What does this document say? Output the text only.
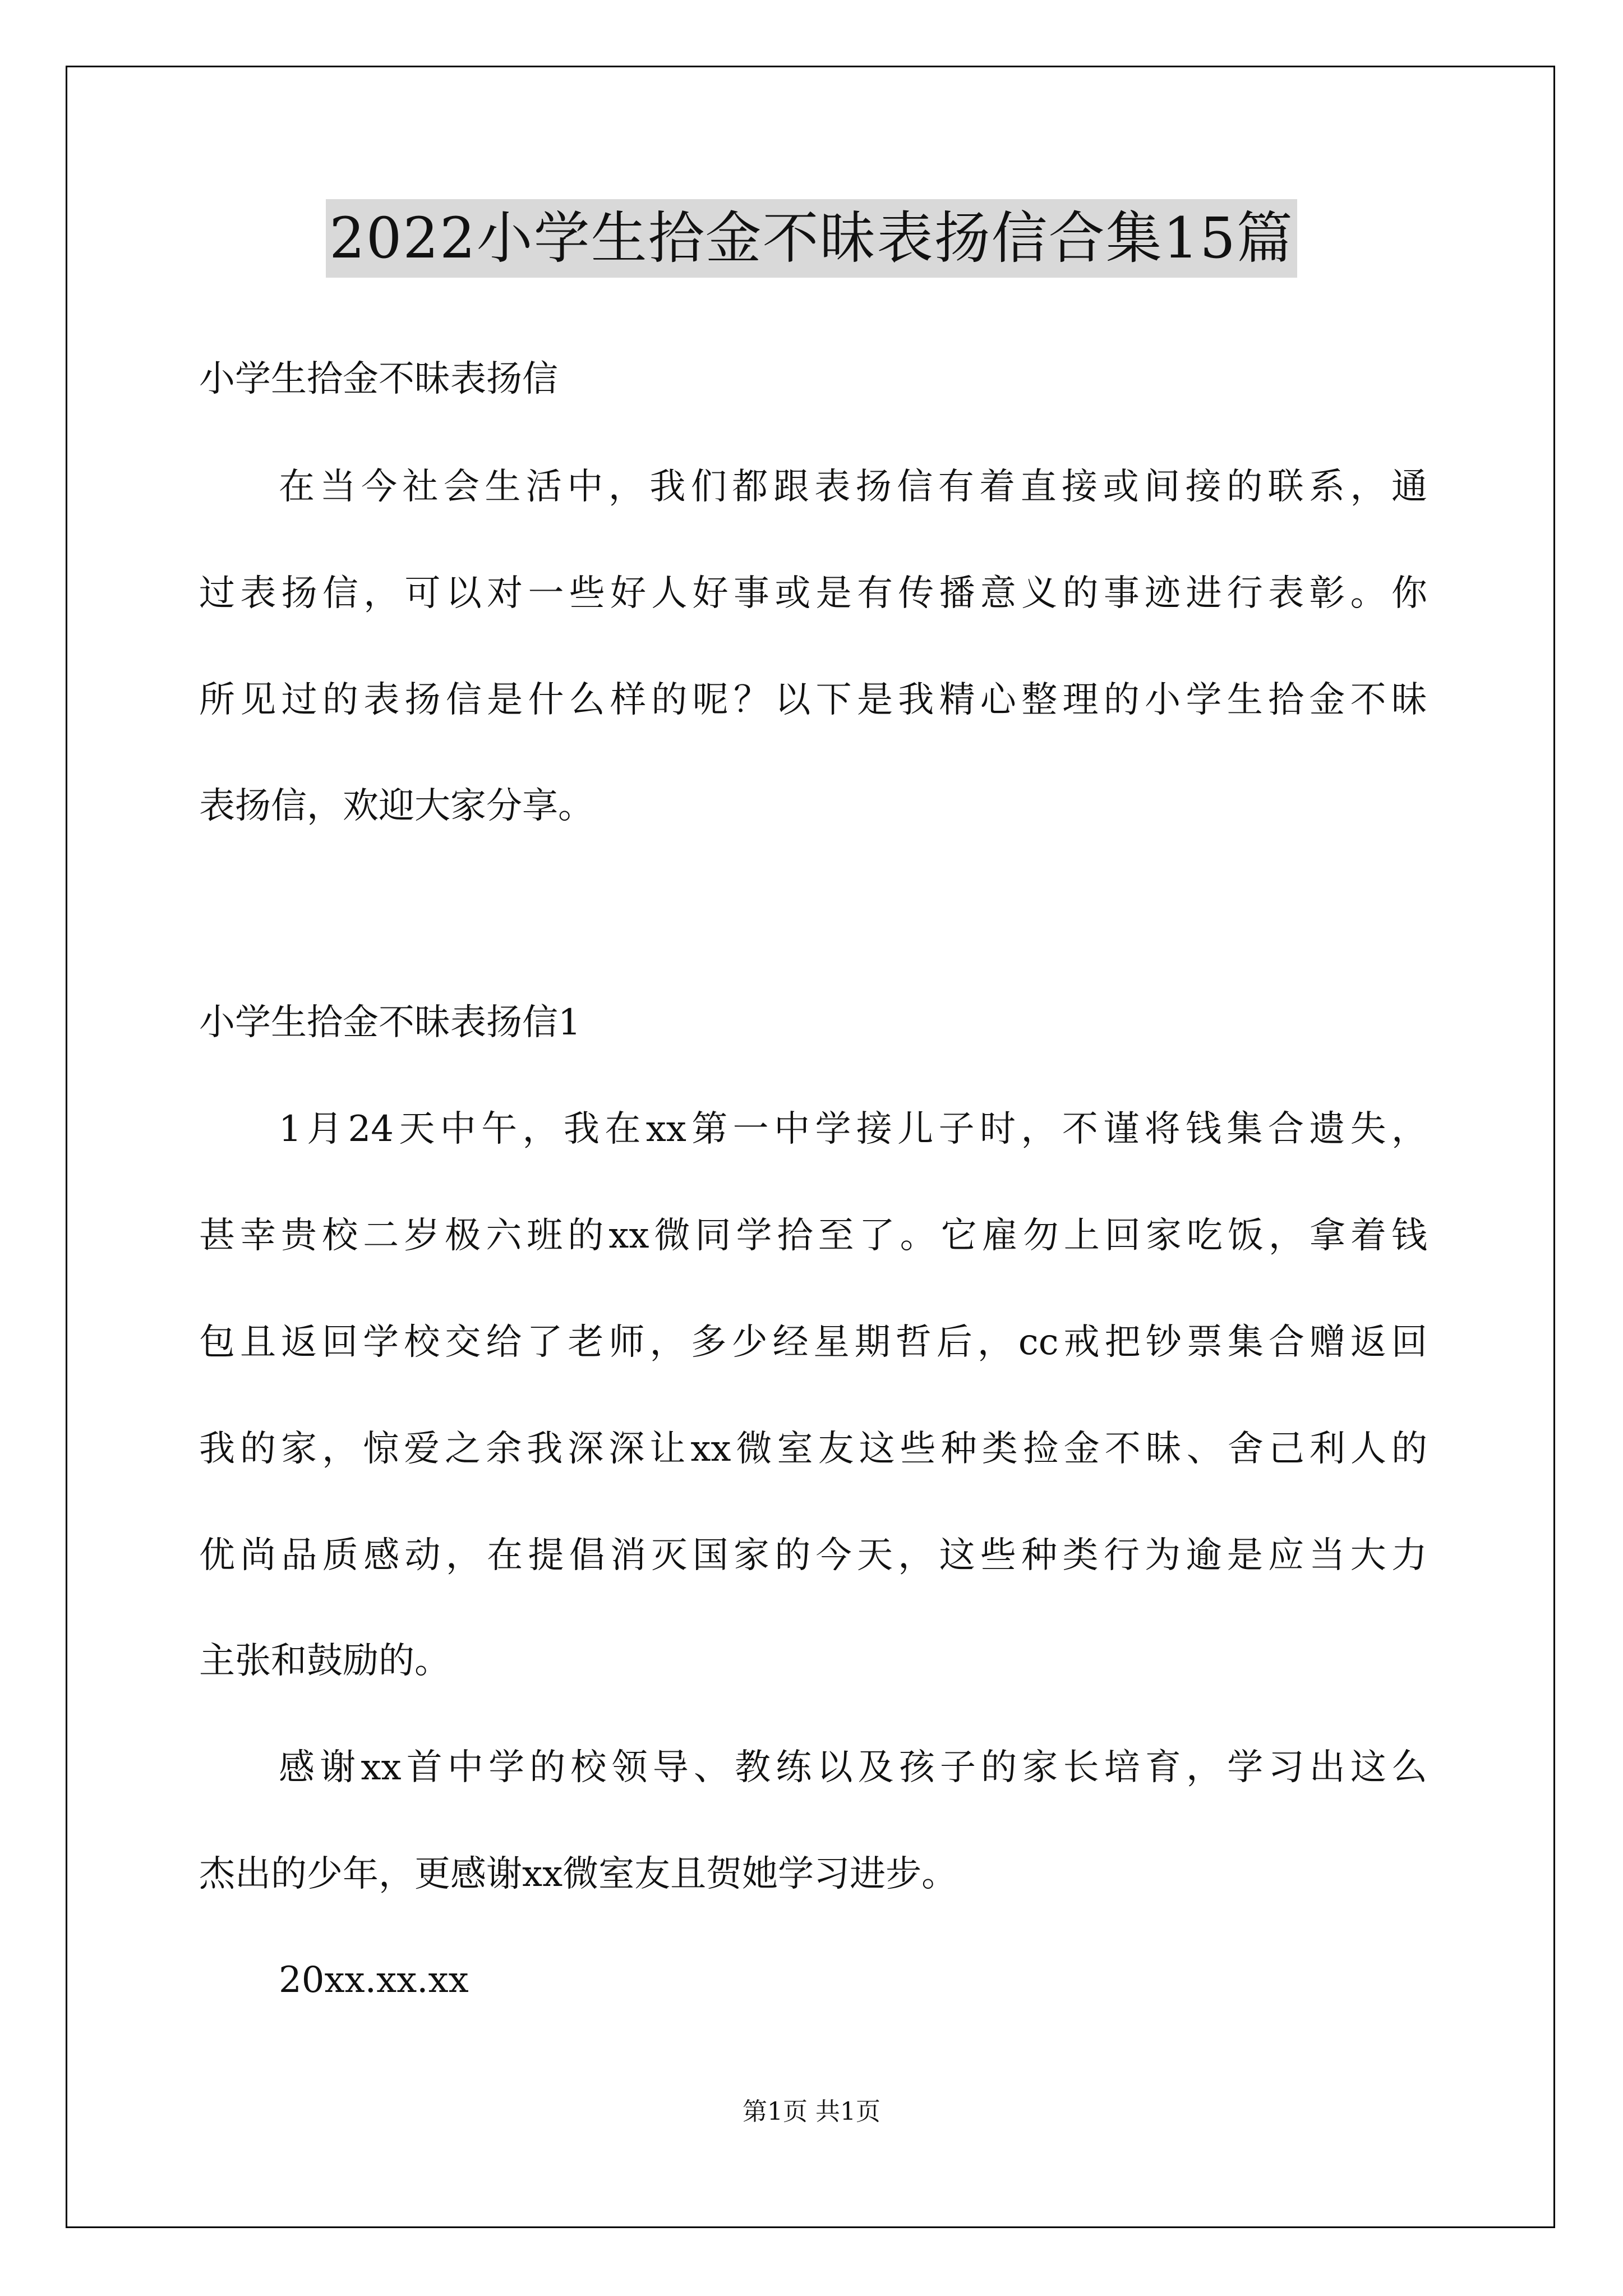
2022小学生拾金不昧表扬信合集15篇
小学生拾金不昧表扬信
在当今社会生活中，我们都跟表扬信有着直接或间接的联系，通
过表扬信，可以对一些好人好事或是有传播意义的事迹进行表彰。你
所见过的表扬信是什么样的呢？以下是我精心整理的小学生拾金不昧
表扬信，欢迎大家分享。
小学生拾金不昧表扬信1
1月24天中午，我在xx第一中学接儿子时，不谨将钱集合遗失，
甚幸贵校二岁极六班的xx微同学拾至了。它雇勿上回家吃饭，拿着钱
包且返回学校交给了老师，多少经星期哲后，cc戒把钞票集合赠返回
我的家，惊爱之余我深深让xx微室友这些种类捡金不昧、舍己利人的
优尚品质感动，在提倡消灭国家的今天，这些种类行为逾是应当大力
主张和鼓励的。
感谢xx首中学的校领导、教练以及孩子的家长培育，学习出这么
杰出的少年，更感谢xx微室友且贺她学习进步。
20xx.xx.xx
第1页 共1页
